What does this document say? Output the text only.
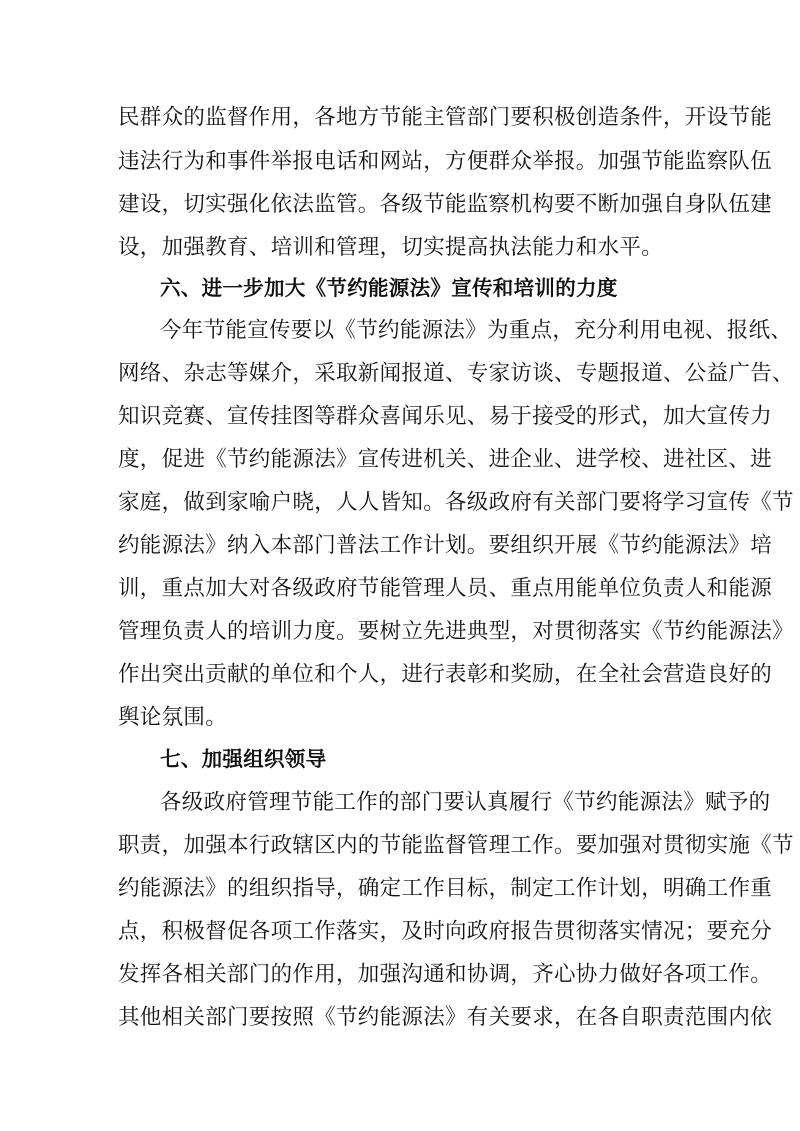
民群众的监督作用，各地方节能主管部门要积极创造条件，开设节能
违法行为和事件举报电话和网站，方便群众举报。加强节能监察队伍
建设，切实强化依法监管。各级节能监察机构要不断加强自身队伍建
设，加强教育、培训和管理，切实提高执法能力和水平。
六、进一步加大《节约能源法》宣传和培训的力度
今年节能宣传要以《节约能源法》为重点，充分利用电视、报纸、
网络、杂志等媒介，采取新闻报道、专家访谈、专题报道、公益广告、
知识竞赛、宣传挂图等群众喜闻乐见、易于接受的形式，加大宣传力
度，促进《节约能源法》宣传进机关、进企业、进学校、进社区、进
家庭，做到家喻户晓，人人皆知。各级政府有关部门要将学习宣传《节
约能源法》纳入本部门普法工作计划。要组织开展《节约能源法》培
训，重点加大对各级政府节能管理人员、重点用能单位负责人和能源
管理负责人的培训力度。要树立先进典型，对贯彻落实《节约能源法》
作出突出贡献的单位和个人，进行表彰和奖励，在全社会营造良好的
舆论氛围。
七、加强组织领导
各级政府管理节能工作的部门要认真履行《节约能源法》赋予的
职责，加强本行政辖区内的节能监督管理工作。要加强对贯彻实施《节
约能源法》的组织指导，确定工作目标，制定工作计划，明确工作重
点，积极督促各项工作落实，及时向政府报告贯彻落实情况；要充分
发挥各相关部门的作用，加强沟通和协调，齐心协力做好各项工作。
其他相关部门要按照《节约能源法》有关要求，在各自职责范围内依
